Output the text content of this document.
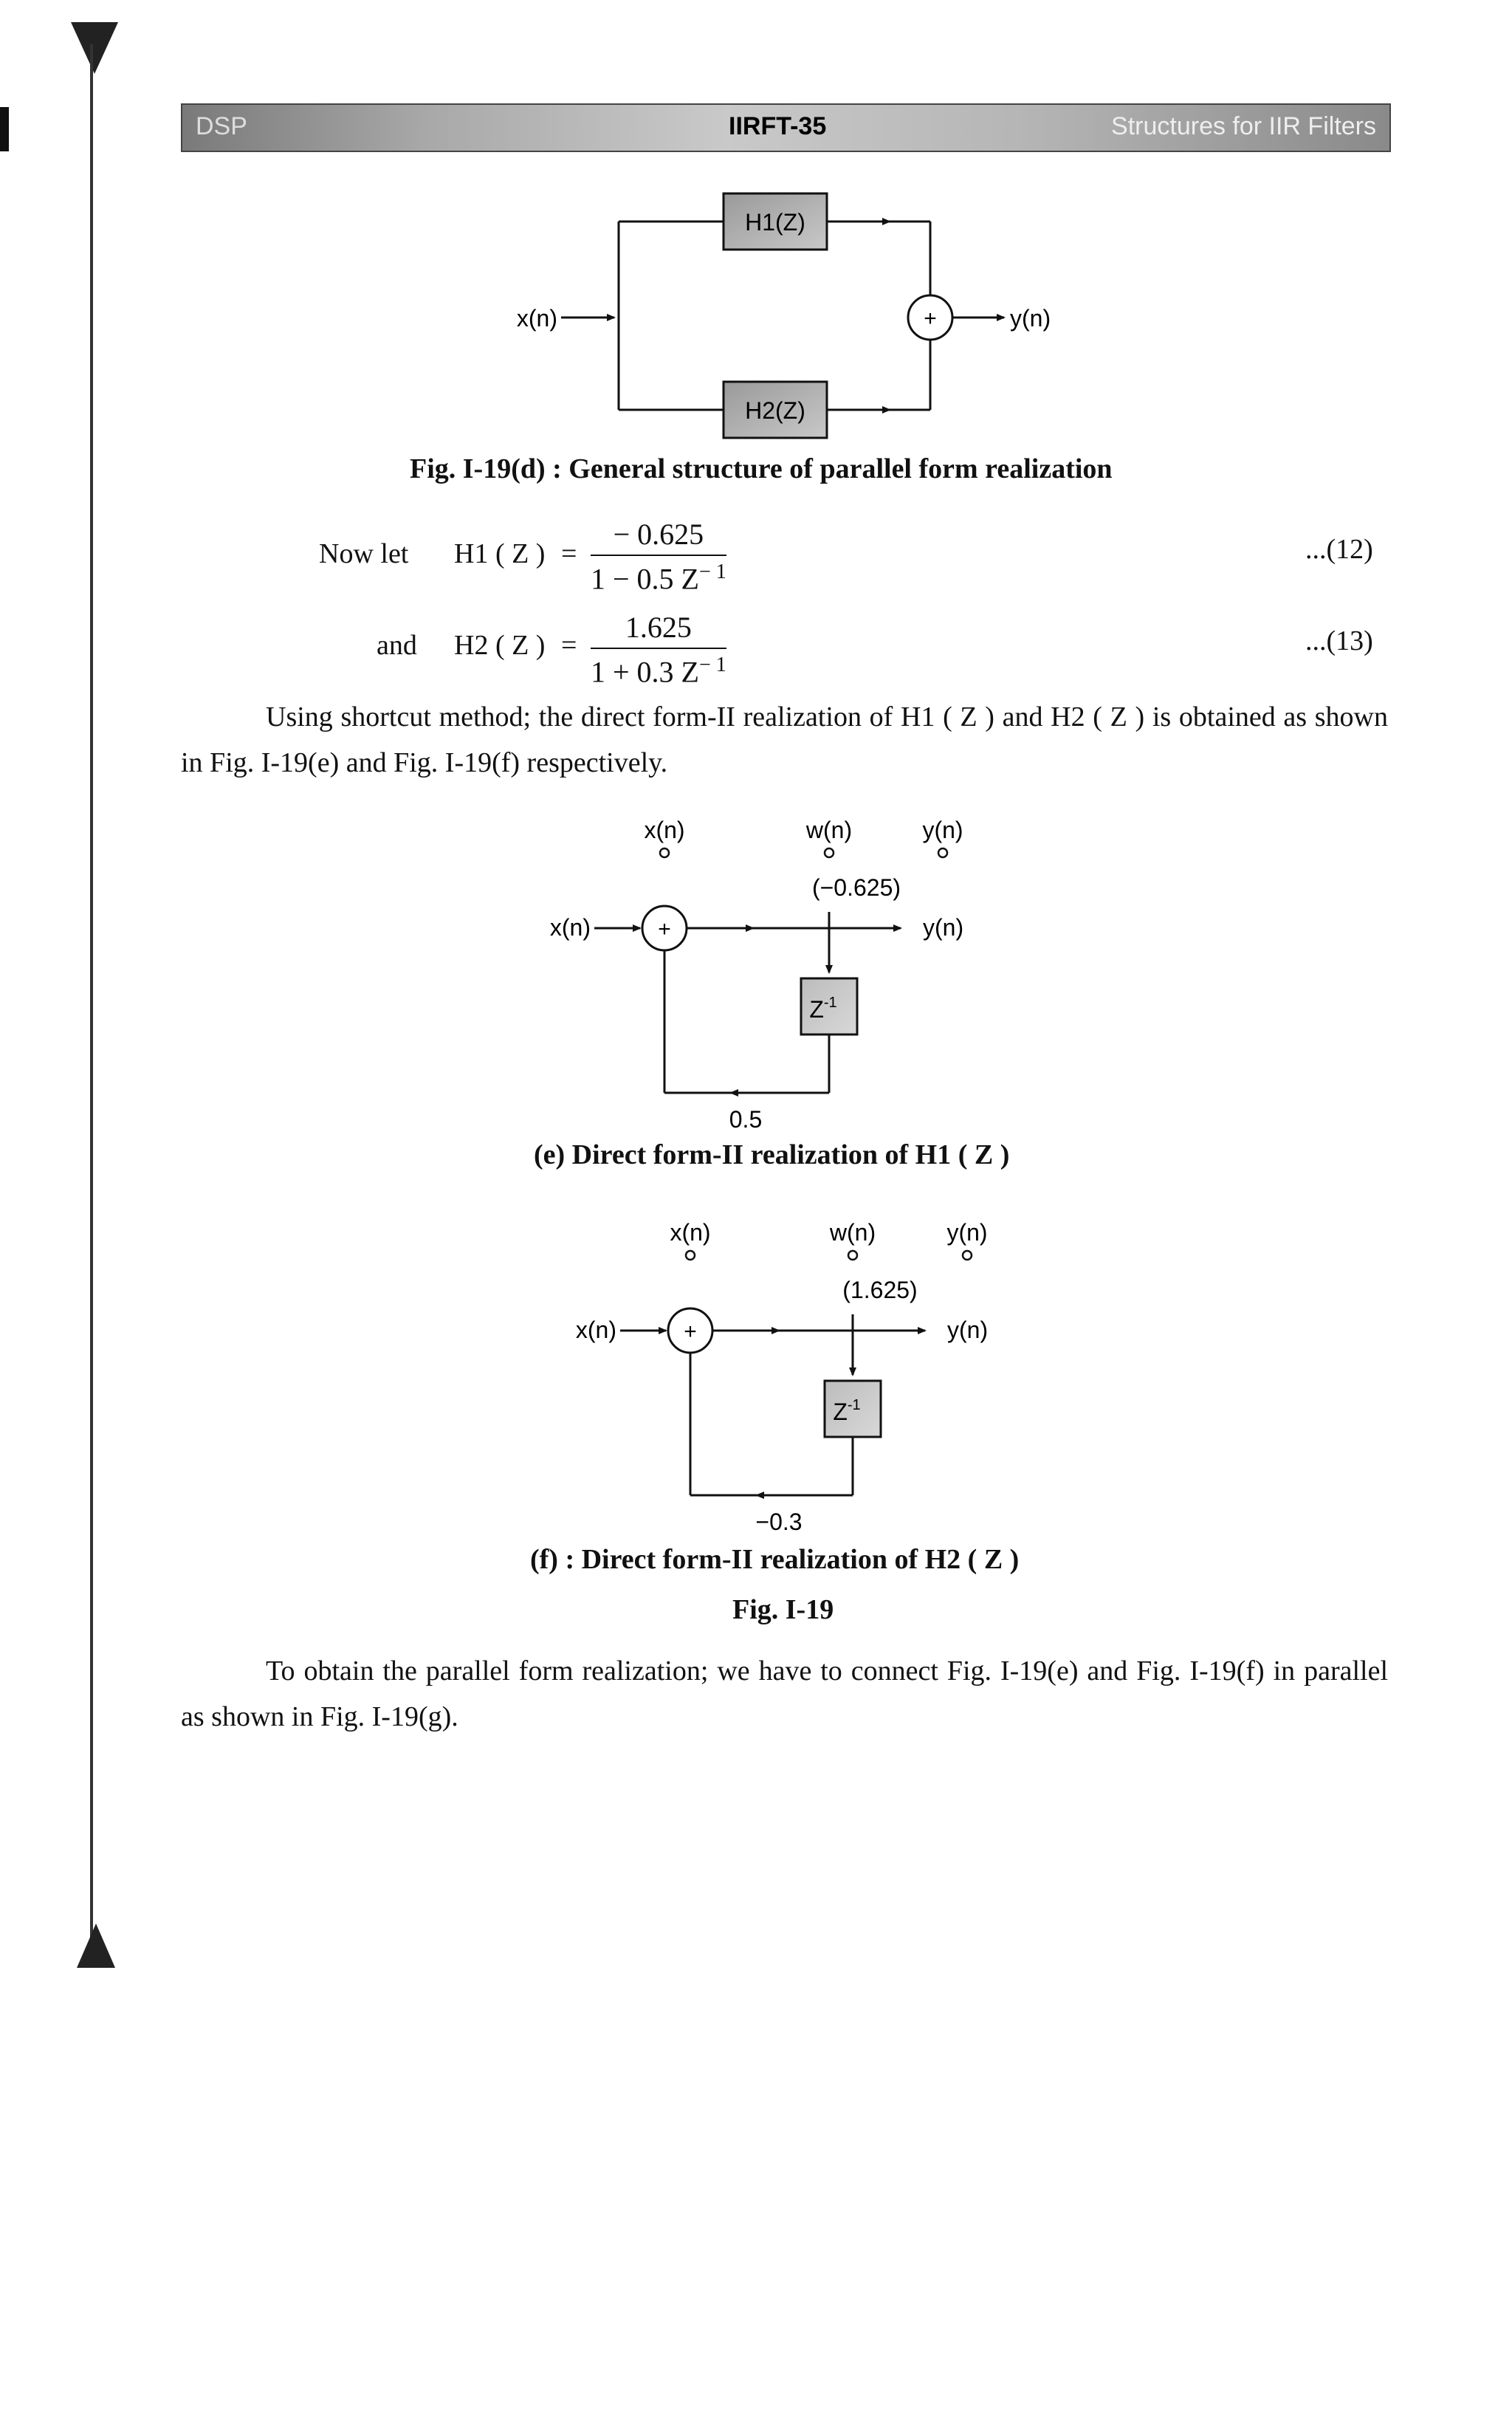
DSP	IIRFT-35	Structures for IIR Filters
H1(Z)
H2(Z)
x(n)	y(n)
+
Fig. I-19(d) : General structure of parallel form realization
Now let H1 ( Z ) = $\frac{- 0.625}{1 - 0.5 Z^{- 1}}$	...(12)
and H2 ( Z ) = $\frac{1.625}{1 + 0.3 Z^{- 1}}$	...(13)
Using shortcut method; the direct form-II realization of H1 ( Z ) and H2 ( Z ) is obtained as shown in Fig. I-19(e) and Fig. I-19(f) respectively.
x(n)	w(n)	y(n)
(−0.625)
x(n)	+	y(n)
$Z^{-1}$
0.5
(e) Direct form-II realization of H1 ( Z )
x(n)	w(n)	y(n)
(1.625)
x(n)	+	y(n)
$Z^{-1}$
−0.3
(f) : Direct form-II realization of H2 ( Z )
Fig. I-19
To obtain the parallel form realization; we have to connect Fig. I-19(e) and Fig. I-19(f) in parallel as shown in Fig. I-19(g).
